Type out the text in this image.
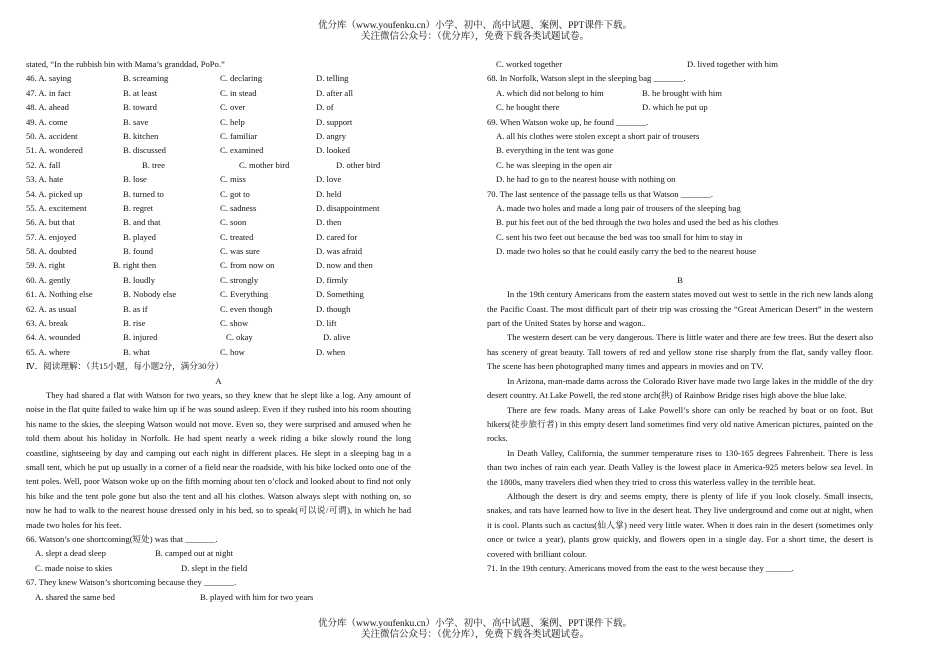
优分库（www.youfenku.cn）小学、初中、高中试题、案例、PPT课件下载。
关注微信公众号：（优分库），免费下载各类试题试卷。
stated, “In the rubbish bin with Mama’s granddad, PoPo.”
46. A. saying	B. screaming	C. declaring	D. telling
47. A. in fact	B. at least	C. in stead	D. after all
48. A. ahead	B. toward	C. over	D. of
49. A. come	B. save	C. help	D. support
50. A. accident	B. kitchen	C. familiar	D. angry
51. A. wondered	B. discussed	C. examined	D. looked
52. A. fall	B. tree	C. mother bird	D. other bird
53. A. hate	B. lose	C. miss	D. love
54. A. picked up	B. turned to	C. got to	D. held
55. A. excitement	B. regret	C. sadness	D. disappointment
56. A. but that	B. and that	C. soon	D. then
57. A. enjoyed	B. played	C. treated	D. cared for
58. A. doubted	B. found	C. was sure	D. was afraid
59. A. right	B. right then	C. from now on	D. now and then
60. A. gently	B. loudly	C. strongly	D. firmly
61. A. Nothing else	B. Nobody else	C. Everything	D. Something
62. A. as usual	B. as if	C. even though	D. though
63. A. break	B. rise	C. show	D. lift
64. A. wounded	B. injured	C. okay	D. alive
65. A. where	B. what	C. how	D. when
Ⅳ．阅读理解：（共15小题，每小题2分，满分30分）
A
They had shared a flat with Watson for two years, so they knew that he slept like a log. Any amount of noise in the flat quite failed to wake him up if he was sound asleep. Even if they rushed into his room shouting his name to the skies, the sleeping Watson would not move. Even so, they were surprised and amused when he told them about his holiday in Norfolk. He had spent nearly a week riding a bike slowly round the long coastline, sightseeing by day and camping out each night in different places. He slept in a sleeping bag in a small tent, which he put up usually in a corner of a field near the roadside, with his bike locked onto one of the tent poles. Well, poor Watson woke up on the fifth morning about ten o’clock and looked about to find not only his bike and the tent pole gone but also the tent and all his clothes. Watson always slept with nothing on, so now he had to walk to the nearest house dressed only in his bed, so to speak(可以说/可谓), in which he had made two holes for his feet.
66. Watson’s one shortcoming(短处) was that _______.
A. slept a dead sleep	B. camped out at night
C. made noise to skies	D. slept in the field
67. They knew Watson’s shortcoming because they _______.
A. shared the same bed	B. played with him for two years
C. worked together	D. lived together with him
68. In Norfolk, Watson slept in the sleeping bag _______.
A. which did not belong to him	B. he brought with him
C. he bought there	D. which he put up
69. When Watson woke up, he found _______.
A. all his clothes were stolen except a short pair of trousers
B. everything in the tent was gone
C. he was sleeping in the open air
D. he had to go to the nearest house with nothing on
70. The last sentence of the passage tells us that Watson _______.
A. made two holes and made a long pair of trousers of the sleeping bag
B. put his feet out of the bed through the two holes and used the bed as his clothes
C. sent his two feet out because the bed was too small for him to stay in
D. made two holes so that he could easily carry the bed to the nearest house
B
In the 19th century Americans from the eastern states moved out west to settle in the rich new lands along the Pacific Coast. The most difficult part of their trip was crossing the “Great American Desert” in the western part of the United States by horse and wagon..
The western desert can be very dangerous. There is little water and there are few trees. But the desert also has scenery of great beauty. Tall towers of red and yellow stone rise sharply from the flat, sandy valley floor. The scene has been photographed many times and appears in movies and on TV.
In Arizona, man-made dams across the Colorado River have made two large lakes in the middle of the dry desert country. At Lake Powell, the red stone arch(拱) of Rainbow Bridge rises high above the blue lake.
There are few roads. Many areas of Lake Powell’s shore can only be reached by boat or on foot. But hikers(徒步旅行者) in this empty desert land sometimes find very old native American pictures, painted on the rocks.
In Death Valley, California, the summer temperature rises to 130-165 degrees Fahrenheit. There is less than two inches of rain each year. Death Valley is the lowest place in America-925 meters below sea level. In the 1800s, many travelers died when they tried to cross this waterless valley in the terrible heat.
Although the desert is dry and seems empty, there is plenty of life if you look closely. Small insects, snakes, and rats have learned how to live in the desert heat. They live underground and come out at night, when it is cool. Plants such as cactus(仙人掌) need very little water. When it does rain in the desert (sometimes only once or twice a year), plants grow quickly, and flowers open in a single day. For a short time, the desert is covered with brilliant colour.
71. In the 19th century. Americans moved from the east to the west because they ______.
优分库（www.youfenku.cn）小学、初中、高中试题、案例、PPT课件下载。
关注微信公众号：（优分库），免费下载各类试题试卷。
